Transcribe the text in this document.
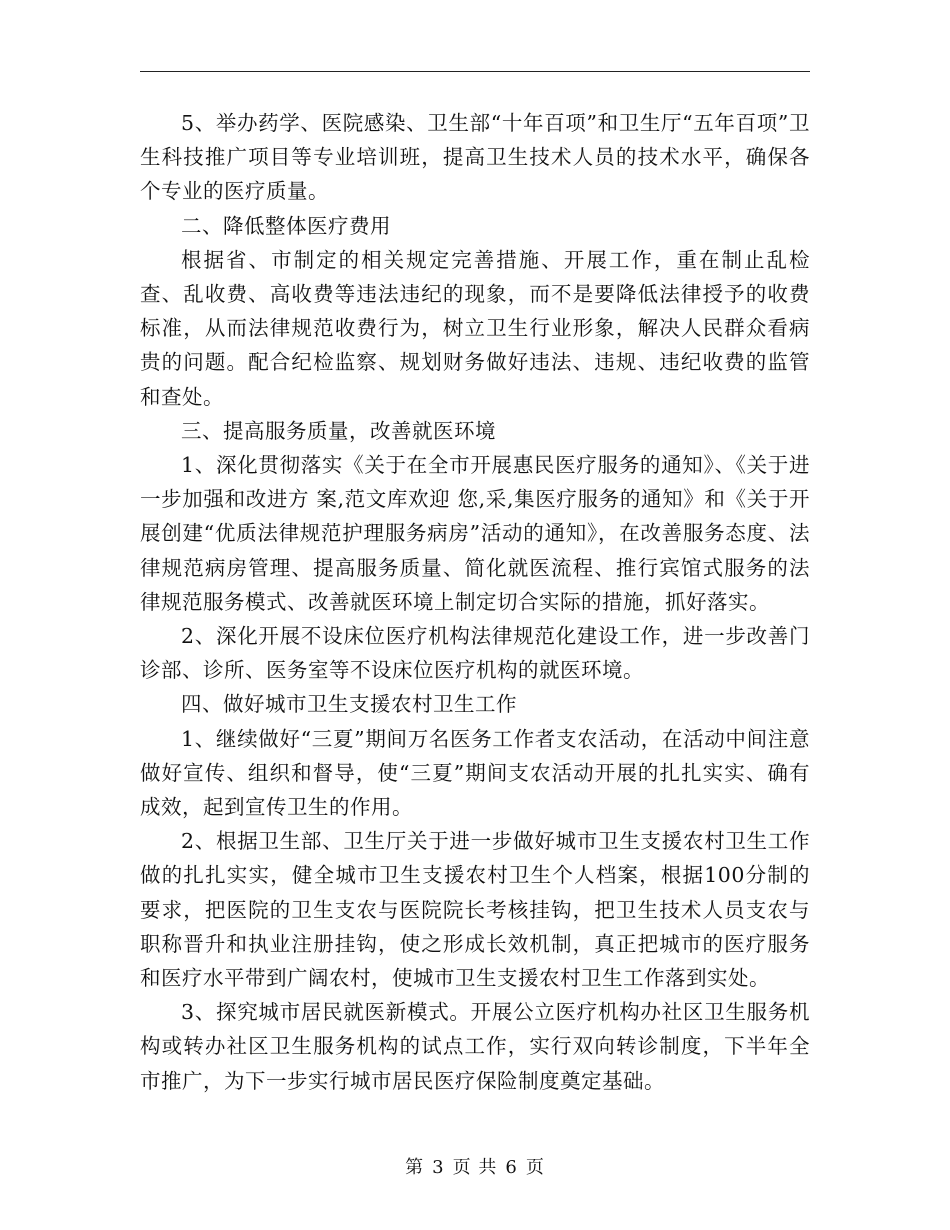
5、举办药学、医院感染、卫生部“十年百项”和卫生厅“五年百项”卫生科技推广项目等专业培训班，提高卫生技术人员的技术水平，确保各个专业的医疗质量。

二、降低整体医疗费用

根据省、市制定的相关规定完善措施、开展工作，重在制止乱检查、乱收费、高收费等违法违纪的现象，而不是要降低法律授予的收费标准，从而法律规范收费行为，树立卫生行业形象，解决人民群众看病贵的问题。配合纪检监察、规划财务做好违法、违规、违纪收费的监管和查处。

三、提高服务质量，改善就医环境

1、深化贯彻落实《关于在全市开展惠民医疗服务的通知》、《关于进一步加强和改进方 案,范文库欢迎 您,采,集医疗服务的通知》和《关于开展创建“优质法律规范护理服务病房”活动的通知》，在改善服务态度、法律规范病房管理、提高服务质量、简化就医流程、推行宾馆式服务的法律规范服务模式、改善就医环境上制定切合实际的措施，抓好落实。

2、深化开展不设床位医疗机构法律规范化建设工作，进一步改善门诊部、诊所、医务室等不设床位医疗机构的就医环境。

四、做好城市卫生支援农村卫生工作

1、继续做好“三夏”期间万名医务工作者支农活动，在活动中间注意做好宣传、组织和督导，使“三夏”期间支农活动开展的扎扎实实、确有成效，起到宣传卫生的作用。

2、根据卫生部、卫生厅关于进一步做好城市卫生支援农村卫生工作做的扎扎实实，健全城市卫生支援农村卫生个人档案，根据100分制的要求，把医院的卫生支农与医院院长考核挂钩，把卫生技术人员支农与职称晋升和执业注册挂钩，使之形成长效机制，真正把城市的医疗服务和医疗水平带到广阔农村，使城市卫生支援农村卫生工作落到实处。

3、探究城市居民就医新模式。开展公立医疗机构办社区卫生服务机构或转办社区卫生服务机构的试点工作，实行双向转诊制度，下半年全市推广，为下一步实行城市居民医疗保险制度奠定基础。

第 3 页 共 6 页
